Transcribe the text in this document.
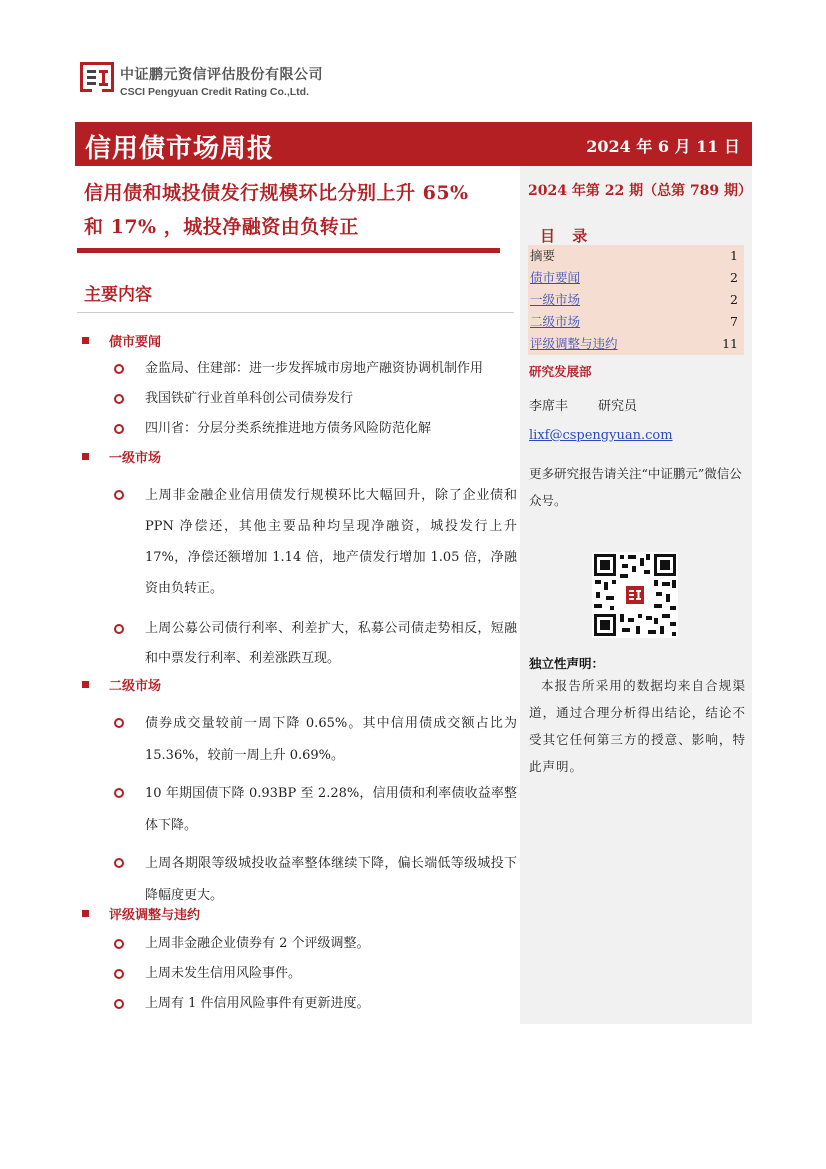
中证鹏元资信评估股份有限公司
CSCI Pengyuan Credit Rating Co.,Ltd.
信用债市场周报	2024 年 6 月 11 日
信用债和城投债发行规模环比分别上升 65%
和 17% ，城投净融资由负转正
主要内容
债市要闻
金监局、住建部：进一步发挥城市房地产融资协调机制作用
我国铁矿行业首单科创公司债券发行
四川省：分层分类系统推进地方债务风险防范化解
一级市场
上周非金融企业信用债发行规模环比大幅回升，除了企业债和 PPN 净偿还，其他主要品种均呈现净融资，城投发行上升 17%，净偿还额增加 1.14 倍，地产债发行增加 1.05 倍，净融资由负转正。
上周公募公司债行利率、利差扩大，私募公司债走势相反，短融和中票发行利率、利差涨跌互现。
二级市场
债券成交量较前一周下降 0.65%。其中信用债成交额占比为 15.36%，较前一周上升 0.69%。
10 年期国债下降 0.93BP 至 2.28%，信用债和利率债收益率整体下降。
上周各期限等级城投收益率整体继续下降，偏长端低等级城投下降幅度更大。
评级调整与违约
上周非金融企业债券有 2 个评级调整。
上周未发生信用风险事件。
上周有 1 件信用风险事件有更新进度。
2024 年第 22 期（总第 789 期）
目 录
摘要	1
债市要闻	2
一级市场	2
二级市场	7
评级调整与违约	11
研究发展部
李席丰 研究员
lixf@cspengyuan.com
更多研究报告请关注“中证鹏元”微信公众号。
独立性声明：
本报告所采用的数据均来自合规渠道，通过合理分析得出结论，结论不受其它任何第三方的授意、影响，特此声明。
